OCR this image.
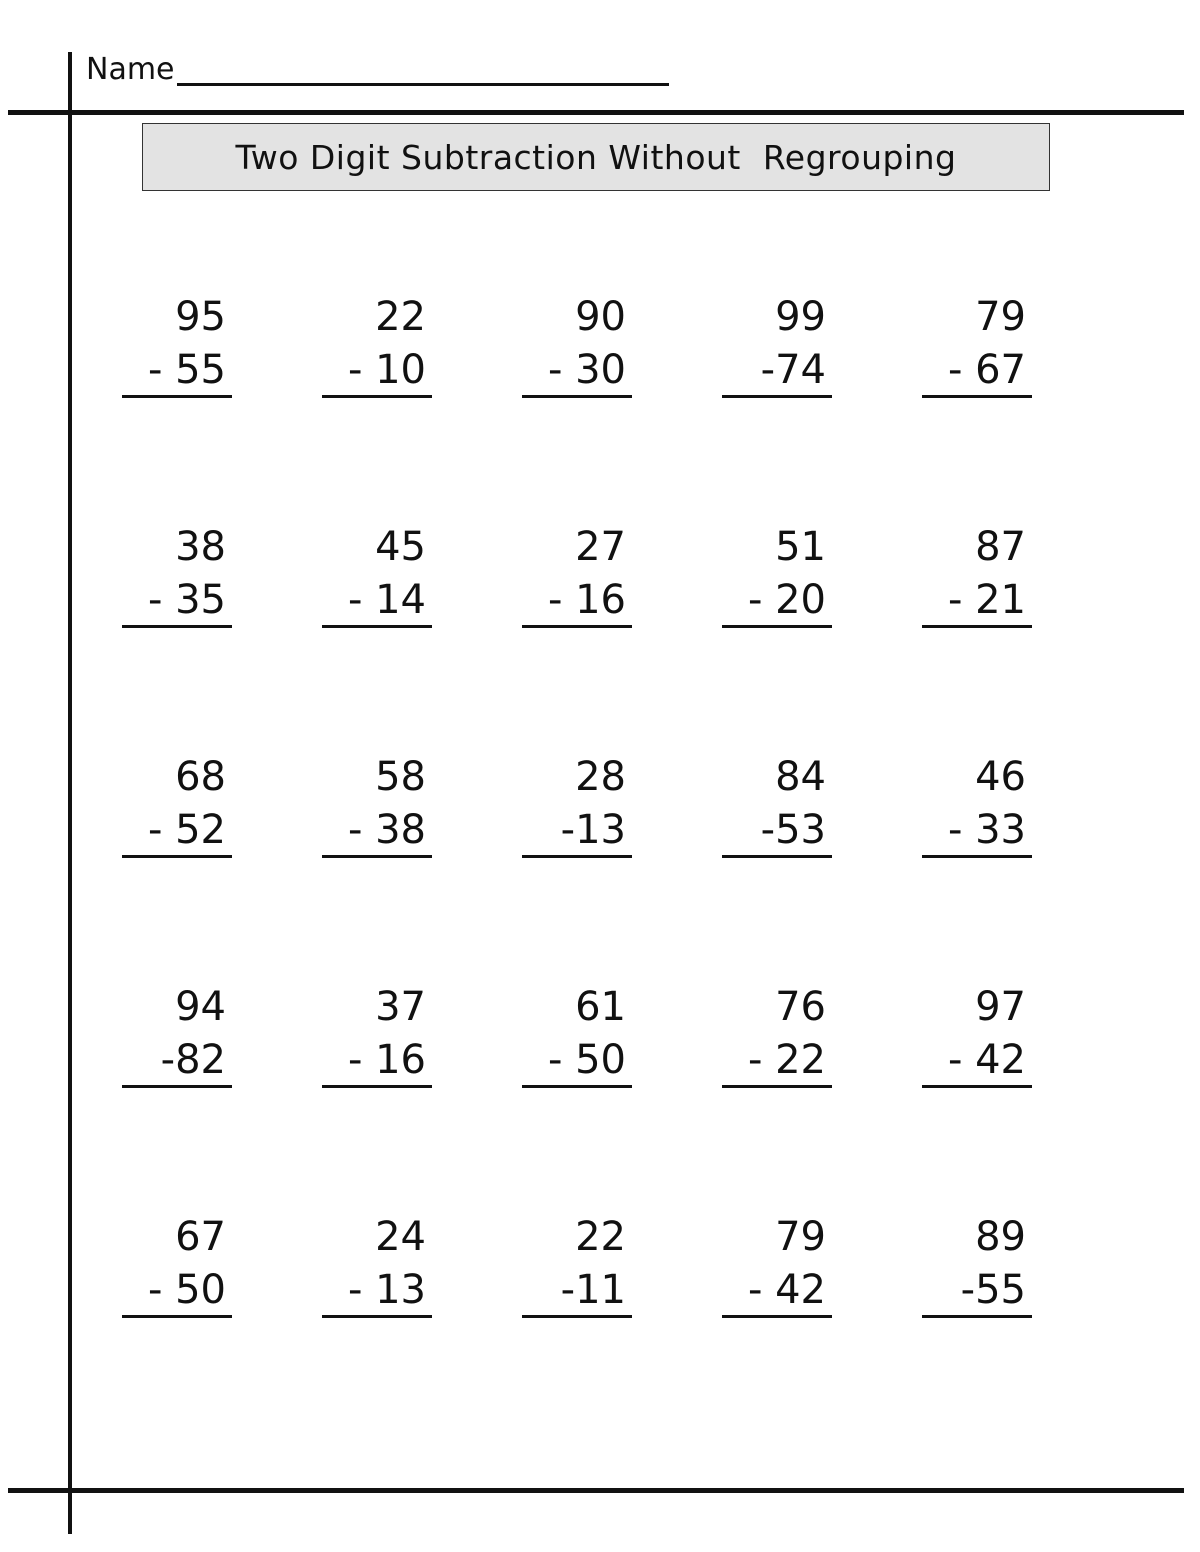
Name
Two Digit Subtraction Without  Regrouping
95
- 55
22
- 10
90
- 30
99
-74
79
- 67
38
- 35
45
- 14
27
- 16
51
- 20
87
- 21
68
- 52
58
- 38
28
-13
84
-53
46
- 33
94
-82
37
- 16
61
- 50
76
- 22
97
- 42
67
- 50
24
- 13
22
-11
79
- 42
89
-55
